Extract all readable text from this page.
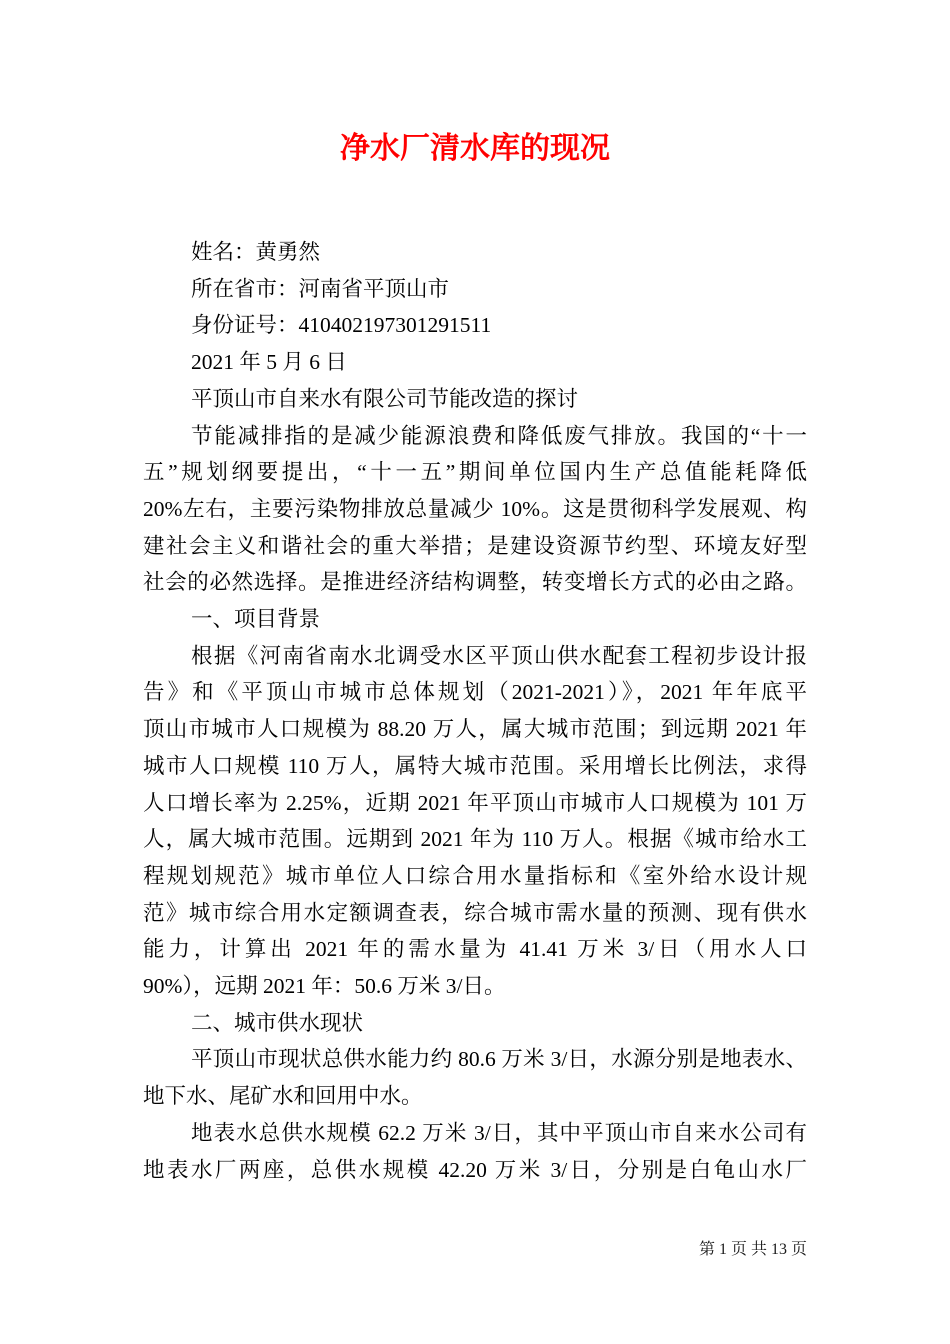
净水厂清水库的现况
姓名：黄勇然
所在省市：河南省平顶山市
身份证号：410402197301291511
2021 年 5 月 6 日
平顶山市自来水有限公司节能改造的探讨
节能减排指的是减少能源浪费和降低废气排放。我国的“十一
五”规划纲要提出，“十一五”期间单位国内生产总值能耗降低
20%左右，主要污染物排放总量减少 10%。这是贯彻科学发展观、构
建社会主义和谐社会的重大举措；是建设资源节约型、环境友好型
社会的必然选择。是推进经济结构调整，转变增长方式的必由之路。
一、项目背景
根据《河南省南水北调受水区平顶山供水配套工程初步设计报
告》和《平顶山市城市总体规划（2021-2021）》，2021 年年底平
顶山市城市人口规模为 88.20 万人，属大城市范围；到远期 2021 年
城市人口规模 110 万人，属特大城市范围。采用增长比例法，求得
人口增长率为 2.25%，近期 2021 年平顶山市城市人口规模为 101 万
人，属大城市范围。远期到 2021 年为 110 万人。根据《城市给水工
程规划规范》城市单位人口综合用水量指标和《室外给水设计规
范》城市综合用水定额调查表，综合城市需水量的预测、现有供水
能力，计算出 2021 年的需水量为 41.41 万米 3/日（用水人口
90%），远期 2021 年：50.6 万米 3/日。
二、城市供水现状
平顶山市现状总供水能力约 80.6 万米 3/日，水源分别是地表水、
地下水、尾矿水和回用中水。
地表水总供水规模 62.2 万米 3/日，其中平顶山市自来水公司有
地表水厂两座，总供水规模 42.20 万米 3/日，分别是白龟山水厂
第 1 页 共 13 页
